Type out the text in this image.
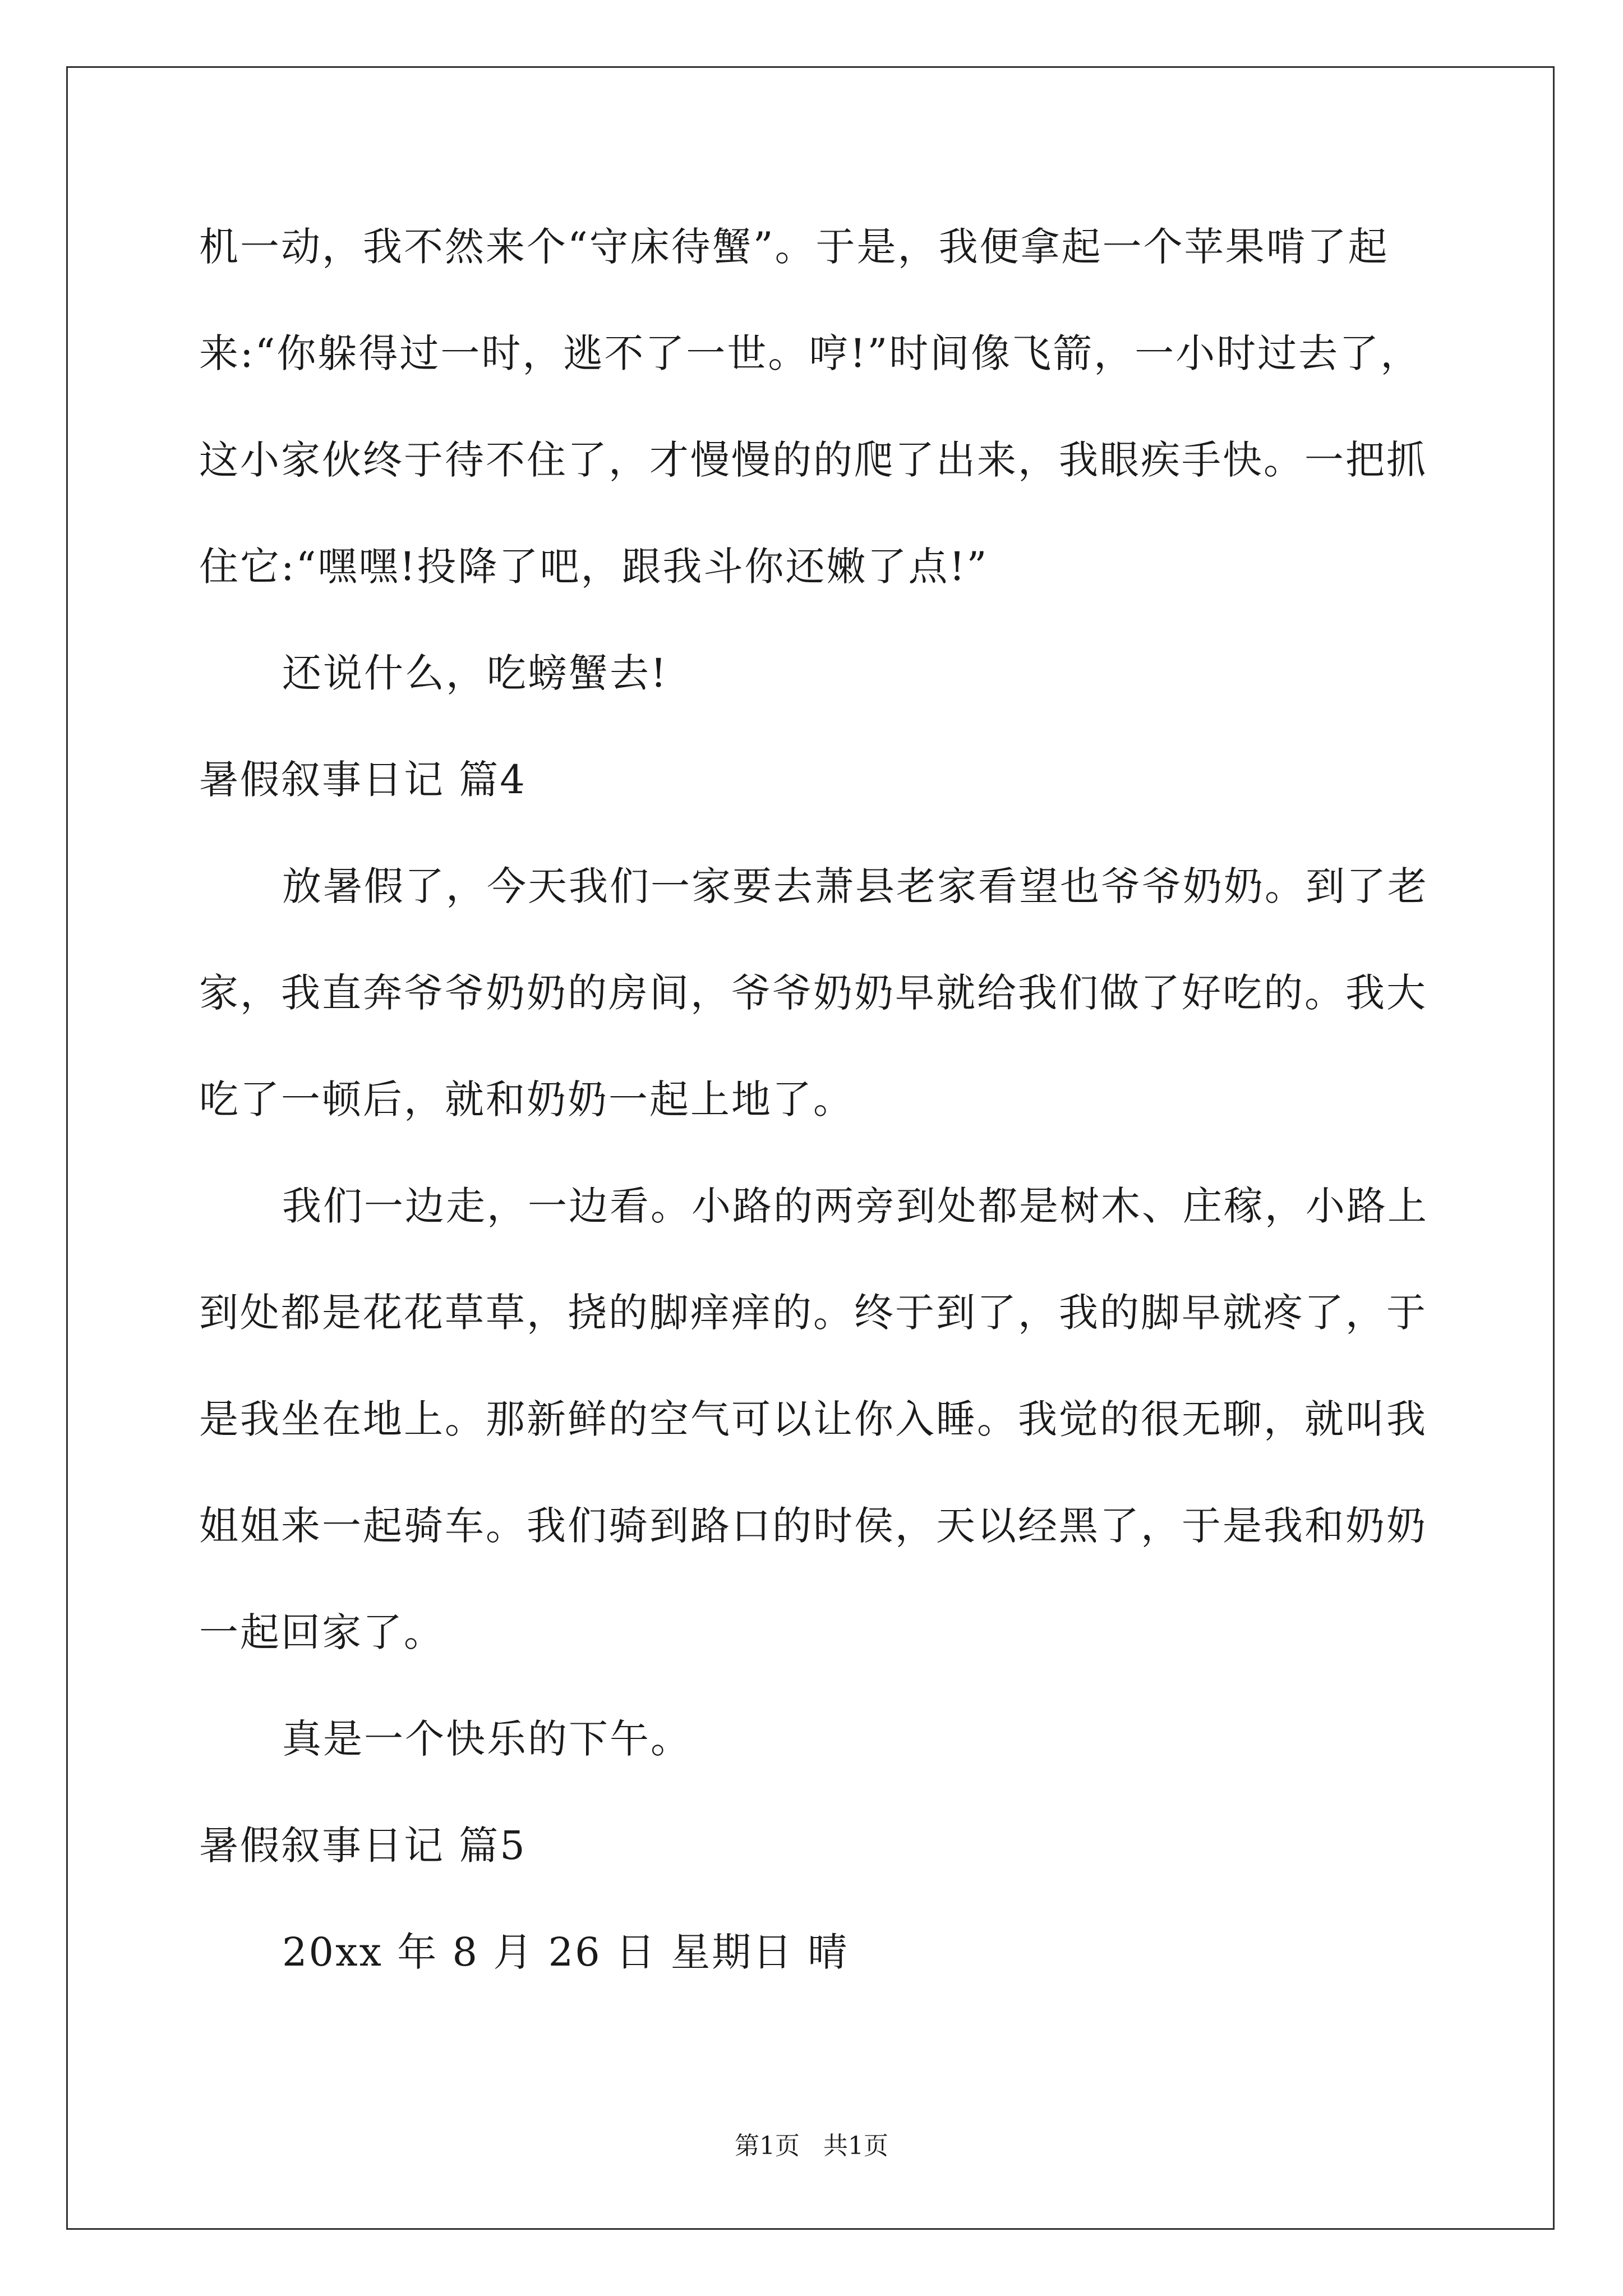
机一动，我不然来个“守床待蟹”。于是，我便拿起一个苹果啃了起
来:“你躲得过一时，逃不了一世。哼!”时间像飞箭，一小时过去了，
这小家伙终于待不住了，才慢慢的的爬了出来，我眼疾手快。一把抓
住它:“嘿嘿!投降了吧，跟我斗你还嫩了点!”
还说什么，吃螃蟹去!
暑假叙事日记 篇4
放暑假了，今天我们一家要去萧县老家看望也爷爷奶奶。到了老
家，我直奔爷爷奶奶的房间，爷爷奶奶早就给我们做了好吃的。我大
吃了一顿后，就和奶奶一起上地了。
我们一边走，一边看。小路的两旁到处都是树木、庄稼，小路上
到处都是花花草草，挠的脚痒痒的。终于到了，我的脚早就疼了，于
是我坐在地上。那新鲜的空气可以让你入睡。我觉的很无聊，就叫我
姐姐来一起骑车。我们骑到路口的时侯，天以经黑了，于是我和奶奶
一起回家了。
真是一个快乐的下午。
暑假叙事日记 篇5
20xx 年 8 月 26 日 星期日 晴
第1页   共1页
